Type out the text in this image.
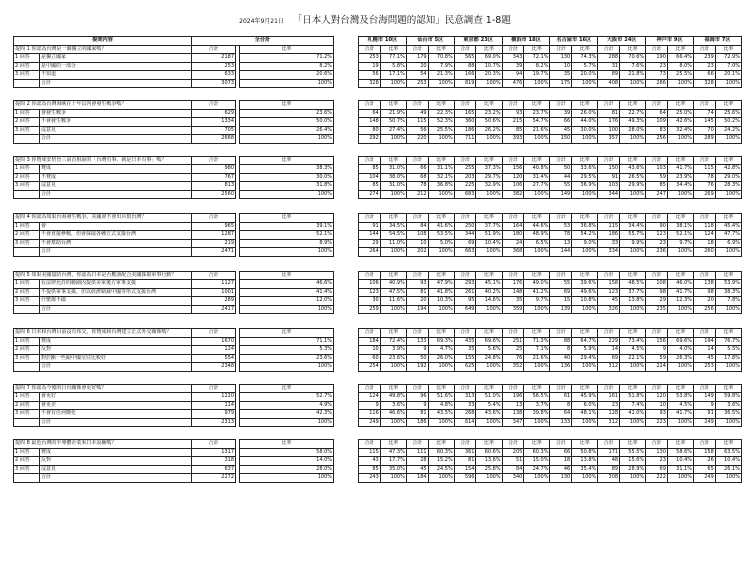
2024年9月21日 「日本人對台灣及台海問題的認知」民意調查 1-8題
提問內容		全合計		
提問 1 你認為台灣是一個獨立的國家嗎？		合計		比率
1 回答	是獨立國家	2187		71.2%
2 回答	是中國的一部分	253		8.2%
3 回答	不知道	633		20.6%
	合計	3073		100%

提問 2 你認為台灣海峽在十年以內會發生戰爭嗎？		合計		比率
1 回答	會發生戰爭	629		23.6%
2 回答	不會發生戰爭	1334		50.0%
3 回答	沒意見	705		26.4%
	合計	2668		100%

提問 3 你贊成安倍晉三前首相說的「台灣有事、就是日本有事」嗎？		合計		比率
1 回答	贊成	980		38.3%
2 回答	不贊成	767		30.0%
3 回答	沒意見	813		31.8%
	合計	2560		100%

提問 4 你認為如果台海發生戰爭，美國會不會出兵幫台灣？		合計		比率
1 回答	會	965		39.1%
2 回答	不會直接參戰，但會採取各種方式支援台灣	1287		52.1%
3 回答	不會幫助台灣	219		8.9%
	合計	2471		100%

提問 5 如果美國協防台灣，你認為日本是否應該配合美國採取軍事行動？		合計		比率
1 回答	在法律允許的範圍內提供美軍後方軍事支援	1127		46.6%
2 回答	不提供軍事支援，但以經濟制裁中國等形式支援台灣	1001		41.4%
3 回答	什麼都不做	289		12.0%
	合計	2417		100%

提問 6 日本和台灣目前沒有邦交，你贊成和台灣建立正式外交關係嗎？		合計		比率
1 回答	贊成	1670		71.1%
2 回答	反對	124		5.3%
3 回答	對於斷一些跟中國交往比較好	554		23.6%
	合計	2348		100%

提問 7 你認為今後的日台關係會更好嗎？		合計		比率
1 回答	會更好	1220		52.7%
2 回答	會更差	114		4.9%
3 回答	不會有任何變化	979		42.3%
	合計	2313		100%

提問 8 最近台灣的半導體企業來日本設廠嗎？		合計		比率
1 回答	贊成	1317		58.0%
2 回答	反對	318		14.0%
3 回答	沒意見	637		28.0%
	合計	2272		100%
札幌市 10区		仙台市 5区		東京都 23区		横浜市 18区		名古屋市 16区		大阪市 24区		神戸市 9区		福岡市 7区	
合計	比率	合計	比率	合計	比率	合計	比率	合計	比率	合計	比率	合計	比率	合計	比率
253	77.1%	179	70.8%	565	69.0%	343	72.1%	130	74.3%	288	70.6%	190	66.4%	239	72.9%
19	5.8%	20	7.9%	88	10.7%	39	8.2%	10	5.7%	31	7.6%	23	8.0%	23	7.0%
56	17.1%	54	21.3%	166	20.3%	94	19.7%	35	20.0%	89	21.8%	73	25.5%	66	20.1%
328	100%	253	100%	819	100%	476	100%	175	100%	408	100%	286	100%	328	100%

合計	比率	合計	比率	合計	比率	合計	比率	合計	比率	合計	比率	合計	比率	合計	比率
64	21.9%	49	22.3%	165	23.2%	93	23.7%	39	26.0%	81	22.7%	64	25.0%	74	25.6%
148	50.7%	115	52.3%	360	50.6%	215	54.7%	66	44.0%	176	49.3%	109	42.6%	145	50.2%
80	27.4%	56	25.5%	186	26.2%	85	21.6%	45	30.0%	100	28.0%	83	32.4%	70	24.2%
292	100%	220	100%	711	100%	393	100%	150	100%	357	100%	256	100%	289	100%

合計	比率	合計	比率	合計	比率	合計	比率	合計	比率	合計	比率	合計	比率	合計	比率
85	31.0%	66	31.1%	255	37.3%	156	40.8%	50	33.6%	150	43.6%	103	41.7%	115	42.8%
104	38.0%	68	32.1%	203	29.7%	120	31.4%	44	29.5%	91	26.5%	59	23.9%	78	29.0%
85	31.0%	78	36.8%	225	32.9%	106	27.7%	55	36.9%	103	29.9%	85	34.4%	76	28.3%
274	100%	212	100%	683	100%	382	100%	149	100%	344	100%	247	100%	269	100%

合計	比率	合計	比率	合計	比率	合計	比率	合計	比率	合計	比率	合計	比率	合計	比率
91	34.5%	84	41.6%	250	37.7%	164	44.6%	53	36.8%	115	34.4%	90	38.1%	118	45.4%
144	54.5%	108	53.5%	344	51.9%	180	48.9%	78	54.2%	186	55.7%	123	52.1%	124	47.7%
29	11.0%	10	5.0%	69	10.4%	24	6.5%	13	9.0%	33	9.9%	23	9.7%	18	6.9%
264	100%	202	100%	663	100%	368	100%	144	100%	334	100%	236	100%	260	100%

合計	比率	合計	比率	合計	比率	合計	比率	合計	比率	合計	比率	合計	比率	合計	比率
106	40.9%	93	47.9%	293	45.1%	176	49.0%	55	39.6%	158	48.5%	108	46.0%	138	53.9%
123	47.5%	81	41.8%	261	40.2%	148	41.2%	69	49.6%	123	37.7%	98	41.7%	98	38.3%
30	11.6%	20	10.3%	95	14.6%	35	9.7%	15	10.8%	45	13.8%	29	12.3%	20	7.8%
259	100%	194	100%	649	100%	359	100%	139	100%	326	100%	235	100%	256	100%

合計	比率	合計	比率	合計	比率	合計	比率	合計	比率	合計	比率	合計	比率	合計	比率
184	72.4%	133	69.3%	435	69.6%	251	71.3%	88	64.7%	229	73.4%	156	69.6%	194	76.7%
10	3.9%	9	4.7%	35	5.6%	25	7.1%	8	5.9%	14	4.5%	9	4.0%	14	5.5%
60	23.6%	50	26.0%	155	24.8%	76	21.6%	40	29.4%	69	22.1%	59	26.3%	45	17.8%
254	100%	192	100%	625	100%	352	100%	136	100%	312	100%	224	100%	253	100%

合計	比率	合計	比率	合計	比率	合計	比率	合計	比率	合計	比率	合計	比率	合計	比率
124	49.8%	96	51.6%	313	51.0%	196	56.5%	61	45.9%	161	51.8%	120	53.8%	149	59.8%
9	3.6%	9	4.8%	33	5.4%	13	3.7%	8	6.0%	23	7.4%	10	4.5%	9	3.6%
116	46.6%	81	43.5%	268	43.6%	138	39.8%	64	48.1%	128	41.0%	93	41.7%	91	36.5%
249	100%	186	100%	614	100%	347	100%	133	100%	312	100%	223	100%	249	100%

合計	比率	合計	比率	合計	比率	合計	比率	合計	比率	合計	比率	合計	比率	合計	比率
115	47.3%	111	60.3%	361	60.6%	205	60.3%	66	50.8%	171	55.5%	130	58.6%	158	63.5%
43	17.7%	28	15.2%	81	13.6%	51	15.0%	18	13.8%	48	15.6%	23	10.4%	26	10.4%
85	35.0%	45	24.5%	154	25.8%	84	24.7%	46	35.4%	89	28.9%	69	31.1%	65	26.1%
243	100%	184	100%	596	100%	340	100%	130	100%	308	100%	222	100%	249	100%
